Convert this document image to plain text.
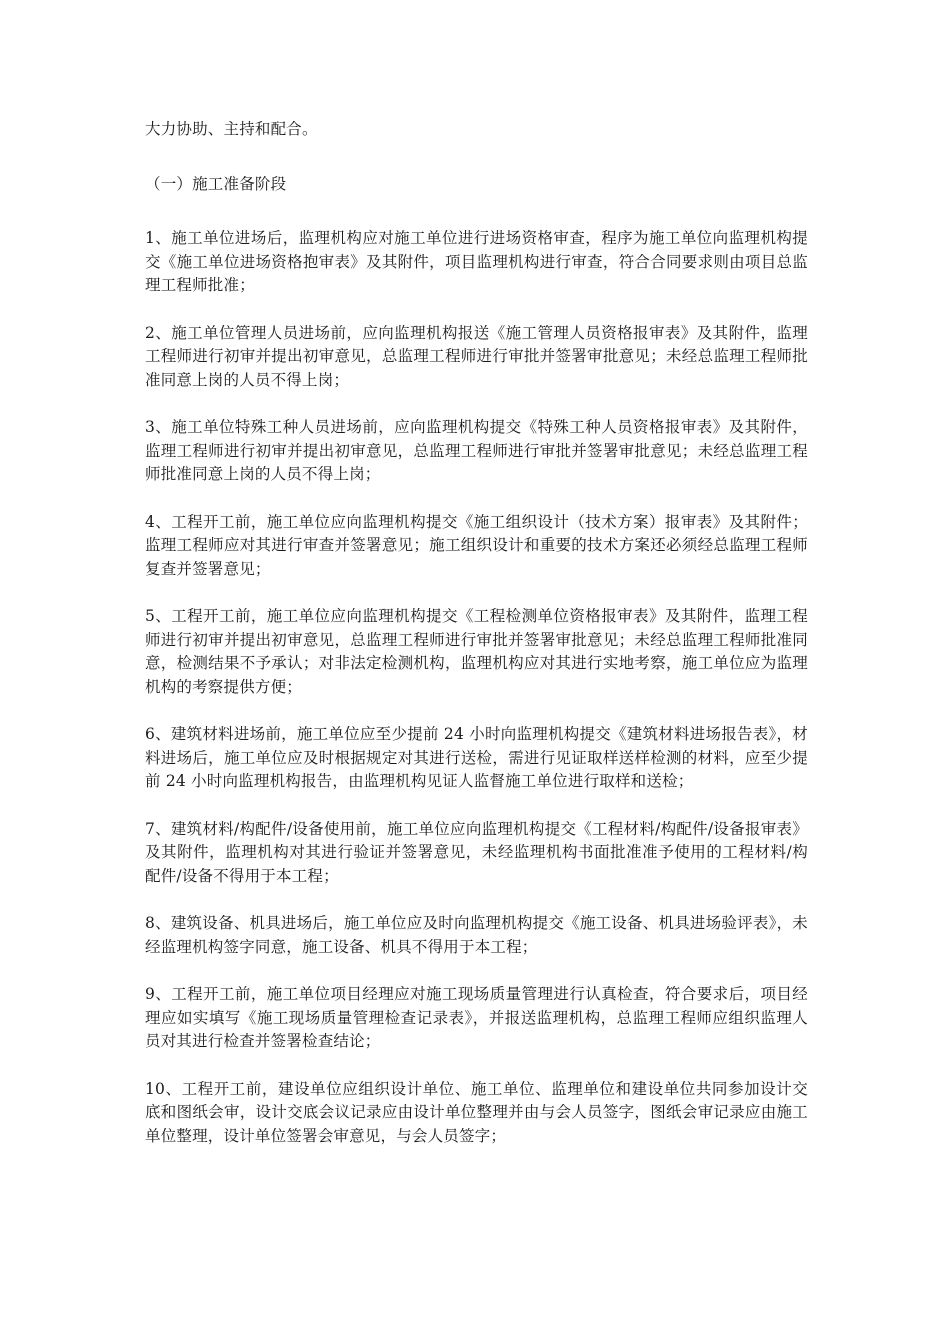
大力协助、主持和配合。

（一）施工准备阶段

1、施工单位进场后，监理机构应对施工单位进行进场资格审查，程序为施工单位向监理机构提交《施工单位进场资格抱审表》及其附件，项目监理机构进行审查，符合合同要求则由项目总监理工程师批准；

2、施工单位管理人员进场前，应向监理机构报送《施工管理人员资格报审表》及其附件，监理工程师进行初审并提出初审意见，总监理工程师进行审批并签署审批意见；未经总监理工程师批准同意上岗的人员不得上岗；

3、施工单位特殊工种人员进场前，应向监理机构提交《特殊工种人员资格报审表》及其附件，监理工程师进行初审并提出初审意见，总监理工程师进行审批并签署审批意见；未经总监理工程师批准同意上岗的人员不得上岗；

4、工程开工前，施工单位应向监理机构提交《施工组织设计（技术方案）报审表》及其附件；监理工程师应对其进行审查并签署意见；施工组织设计和重要的技术方案还必须经总监理工程师复查并签署意见；

5、工程开工前，施工单位应向监理机构提交《工程检测单位资格报审表》及其附件，监理工程师进行初审并提出初审意见，总监理工程师进行审批并签署审批意见；未经总监理工程师批准同意，检测结果不予承认；对非法定检测机构，监理机构应对其进行实地考察，施工单位应为监理机构的考察提供方便；

6、建筑材料进场前，施工单位应至少提前 24 小时向监理机构提交《建筑材料进场报告表》，材料进场后，施工单位应及时根据规定对其进行送检，需进行见证取样送样检测的材料，应至少提前 24 小时向监理机构报告，由监理机构见证人监督施工单位进行取样和送检；

7、建筑材料/构配件/设备使用前，施工单位应向监理机构提交《工程材料/构配件/设备报审表》及其附件，监理机构对其进行验证并签署意见，未经监理机构书面批准准予使用的工程材料/构配件/设备不得用于本工程；

8、建筑设备、机具进场后，施工单位应及时向监理机构提交《施工设备、机具进场验评表》，未经监理机构签字同意，施工设备、机具不得用于本工程；

9、工程开工前，施工单位项目经理应对施工现场质量管理进行认真检查，符合要求后，项目经理应如实填写《施工现场质量管理检查记录表》，并报送监理机构，总监理工程师应组织监理人员对其进行检查并签署检查结论；

10、工程开工前，建设单位应组织设计单位、施工单位、监理单位和建设单位共同参加设计交底和图纸会审，设计交底会议记录应由设计单位整理并由与会人员签字，图纸会审记录应由施工单位整理，设计单位签署会审意见，与会人员签字；
